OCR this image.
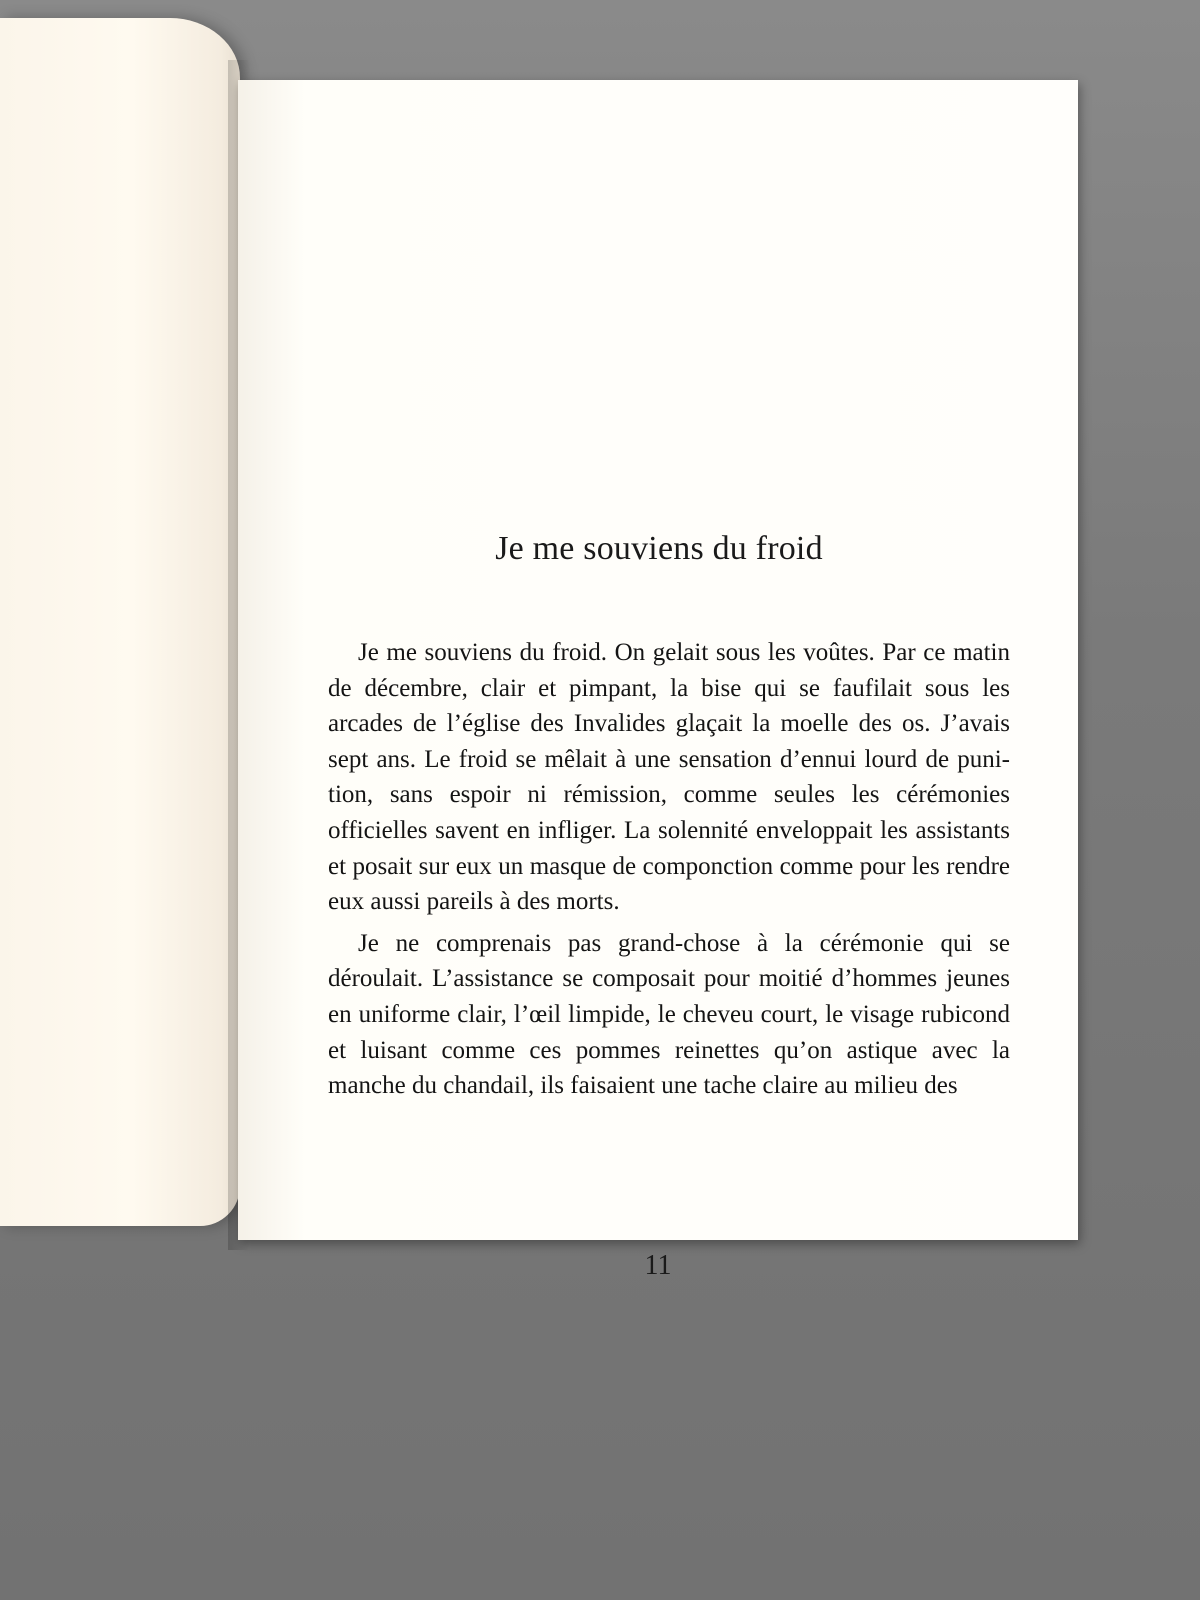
Je me souviens du froid

Je me souviens du froid. On gelait sous les voûtes. Par ce matin de décembre, clair et pimpant, la bise qui se faufilait sous les arcades de l’église des Invalides glaçait la moelle des os. J’avais sept ans. Le froid se mêlait à une sensation d’ennui lourd de punition, sans espoir ni rémission, comme seules les cérémonies officielles savent en infliger. La solennité enveloppait les assistants et posait sur eux un masque de componction comme pour les rendre eux aussi pareils à des morts.

Je ne comprenais pas grand-chose à la cérémonie qui se déroulait. L’assistance se composait pour moitié d’hommes jeunes en uniforme clair, l’œil limpide, le cheveu court, le visage rubicond et luisant comme ces pommes reinettes qu’on astique avec la manche du chandail, ils faisaient une tache claire au milieu des

11
